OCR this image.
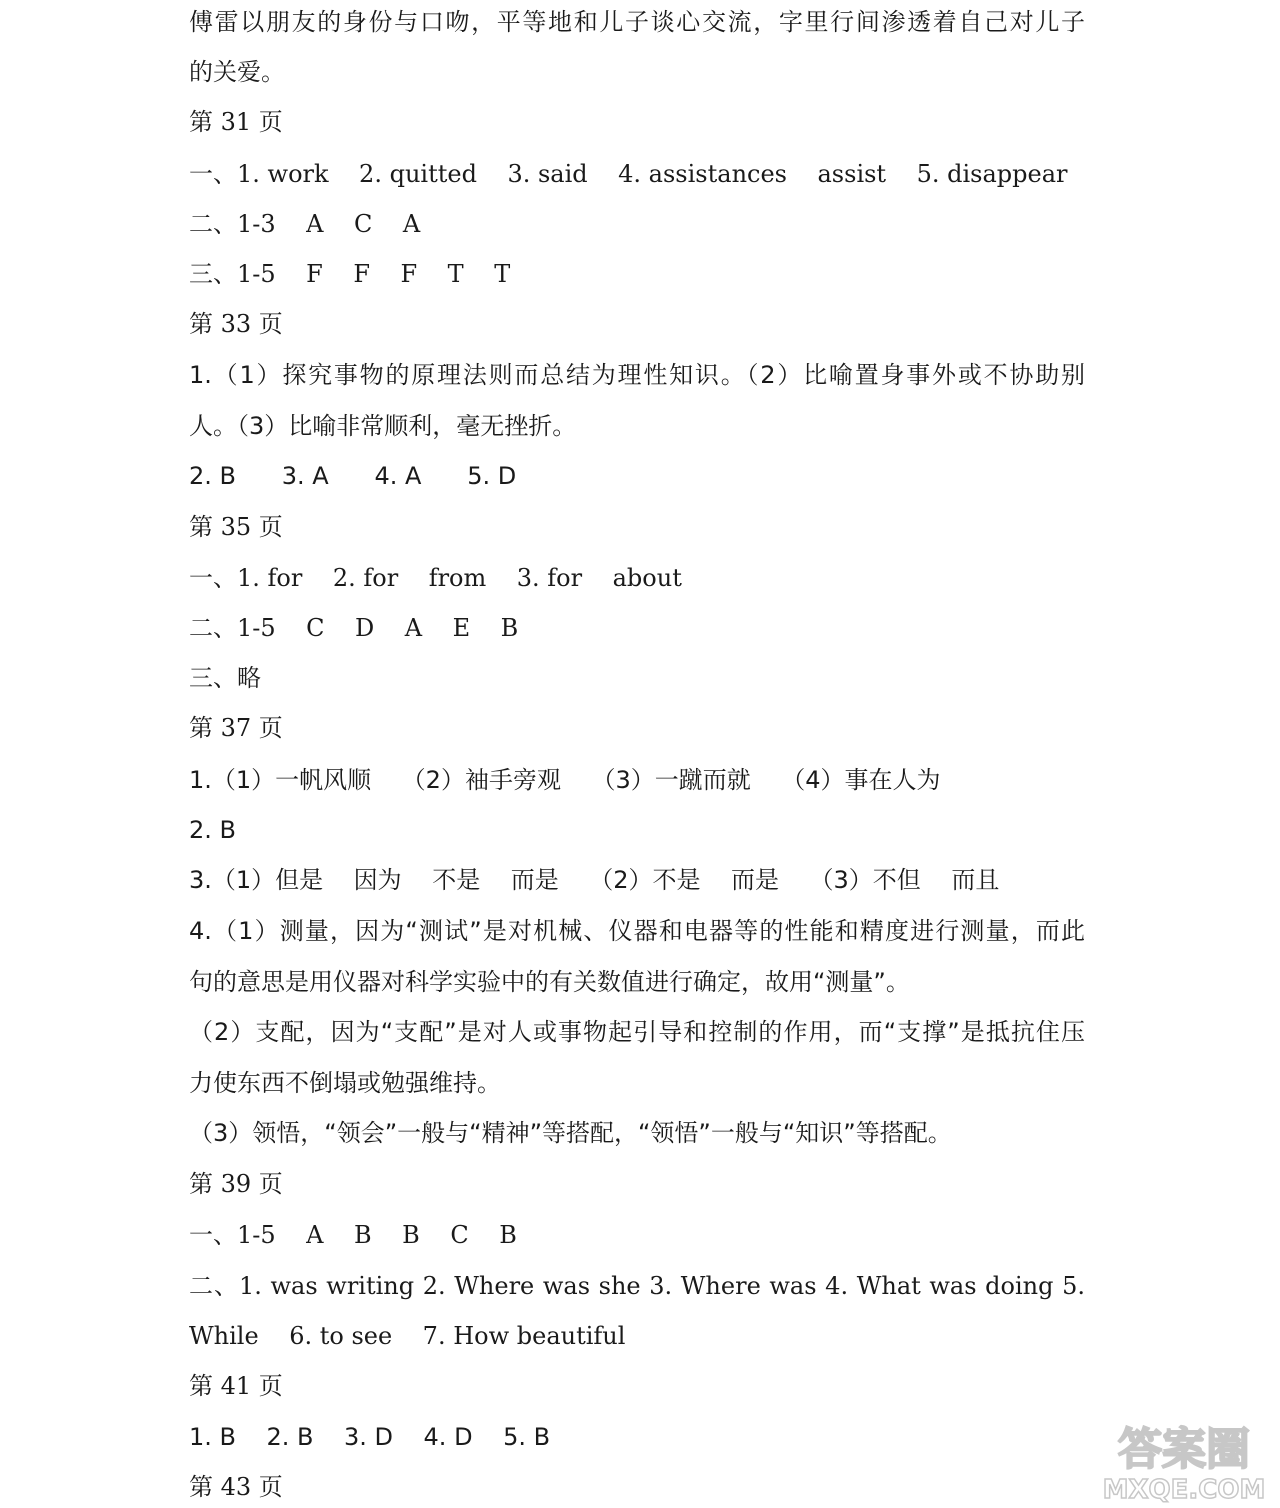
傅雷以朋友的身份与口吻，平等地和儿子谈心交流，字里行间渗透着自己对儿子
的关爱。
第 31 页
一、1. work    2. quitted    3. said    4. assistances    assist    5. disappear
二、1-3    A    C    A
三、1-5    F    F    F    T    T
第 33 页
1.（1）探究事物的原理法则而总结为理性知识。（2）比喻置身事外或不协助别
人。（3）比喻非常顺利，毫无挫折。
2. B      3. A      4. A      5. D
第 35 页
一、1. for    2. for    from    3. for    about
二、1-5    C    D    A    E    B
三、略
第 37 页
1.（1）一帆风顺    （2）袖手旁观    （3）一蹴而就    （4）事在人为
2. B
3.（1）但是    因为    不是    而是    （2）不是    而是    （3）不但    而且
4.（1）测量，因为“测试”是对机械、仪器和电器等的性能和精度进行测量，而此
句的意思是用仪器对科学实验中的有关数值进行确定，故用“测量”。
（2）支配，因为“支配”是对人或事物起引导和控制的作用，而“支撑”是抵抗住压
力使东西不倒塌或勉强维持。
（3）领悟，“领会”一般与“精神”等搭配，“领悟”一般与“知识”等搭配。
第 39 页
一、1-5    A    B    B    C    B
二、1. was writing 2. Where was she 3. Where was 4. What was doing 5.
While    6. to see    7. How beautiful
第 41 页
1. B    2. B    3. D    4. D    5. B
第 43 页
答案圈
MXQE.COM
